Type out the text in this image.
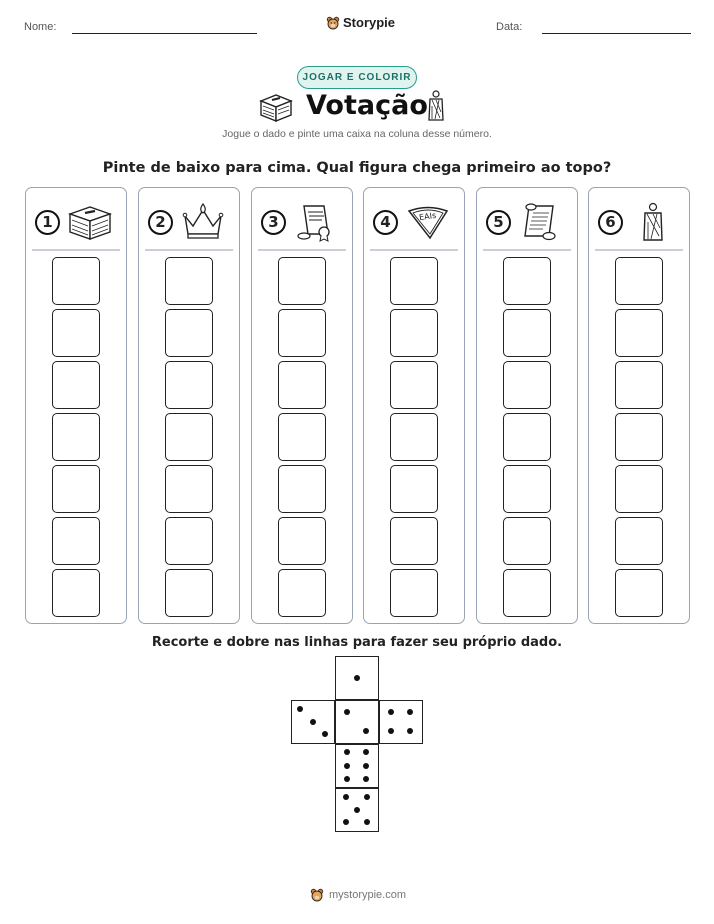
Nome:	Storypie	Data:
JOGAR E COLORIR
Votação
Jogue o dado e pinte uma caixa na coluna desse número.
Pinte de baixo para cima. Qual figura chega primeiro ao topo?
1	2	3	4	EAIs	5	6
Recorte e dobre nas linhas para fazer seu próprio dado.
mystorypie.com
